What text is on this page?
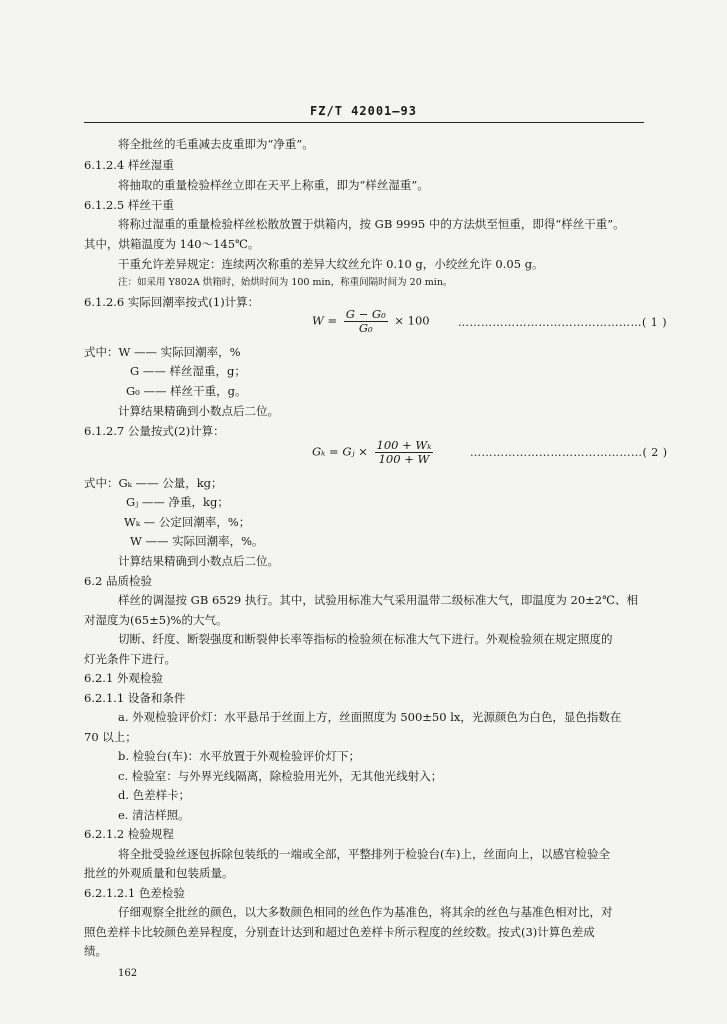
FZ/T 42001—93
将全批丝的毛重减去皮重即为“净重”。
6.1.2.4 样丝湿重
将抽取的重量检验样丝立即在天平上称重，即为“样丝湿重”。
6.1.2.5 样丝干重
将称过湿重的重量检验样丝松散放置于烘箱内，按 GB 9995 中的方法烘至恒重，即得“样丝干重”。
其中，烘箱温度为 140～145℃。
干重允许差异规定：连续两次称重的差异大纹丝允许 0.10 g，小绞丝允许 0.05 g。
注：如采用 Y802A 烘箱时，始烘时间为 100 min，称重间隔时间为 20 min。
6.1.2.6 实际回潮率按式(1)计算：
$W = \frac{\text{G − G₀}}{\text{G₀}} \times 100$	…………………………………………( 1 )
式中：W —— 实际回潮率，%
G —— 样丝湿重，g；
G₀ —— 样丝干重，g。
计算结果精确到小数点后二位。
6.1.2.7 公量按式(2)计算：
Gₖ = Gⱼ × $\frac{\text{100 + Wₖ}}{100 + W}$	………………………………………( 2 )
式中：Gₖ —— 公量，kg；
Gⱼ —— 净重，kg；
Wₖ — 公定回潮率，%；
W —— 实际回潮率，%。
计算结果精确到小数点后二位。
6.2 品质检验
样丝的调湿按 GB 6529 执行。其中，试验用标准大气采用温带二级标准大气，即温度为 20±2℃、相
对湿度为(65±5)%的大气。
切断、纤度、断裂强度和断裂伸长率等指标的检验须在标准大气下进行。外观检验须在规定照度的
灯光条件下进行。
6.2.1 外观检验
6.2.1.1 设备和条件
a. 外观检验评价灯：水平悬吊于丝面上方，丝面照度为 500±50 lx，光源颜色为白色，显色指数在
70 以上；
b. 检验台(车)：水平放置于外观检验评价灯下；
c. 检验室：与外界光线隔离，除检验用光外，无其他光线射入；
d. 色差样卡；
e. 清洁样照。
6.2.1.2 检验规程
将全批受验丝逐包拆除包装纸的一端或全部，平整排列于检验台(车)上，丝面向上，以感官检验全
批丝的外观质量和包装质量。
6.2.1.2.1 色差检验
仔细观察全批丝的颜色，以大多数颜色相同的丝色作为基准色，将其余的丝色与基准色相对比，对
照色差样卡比较颜色差异程度，分别查计达到和超过色差样卡所示程度的丝绞数。按式(3)计算色差成
绩。
162
